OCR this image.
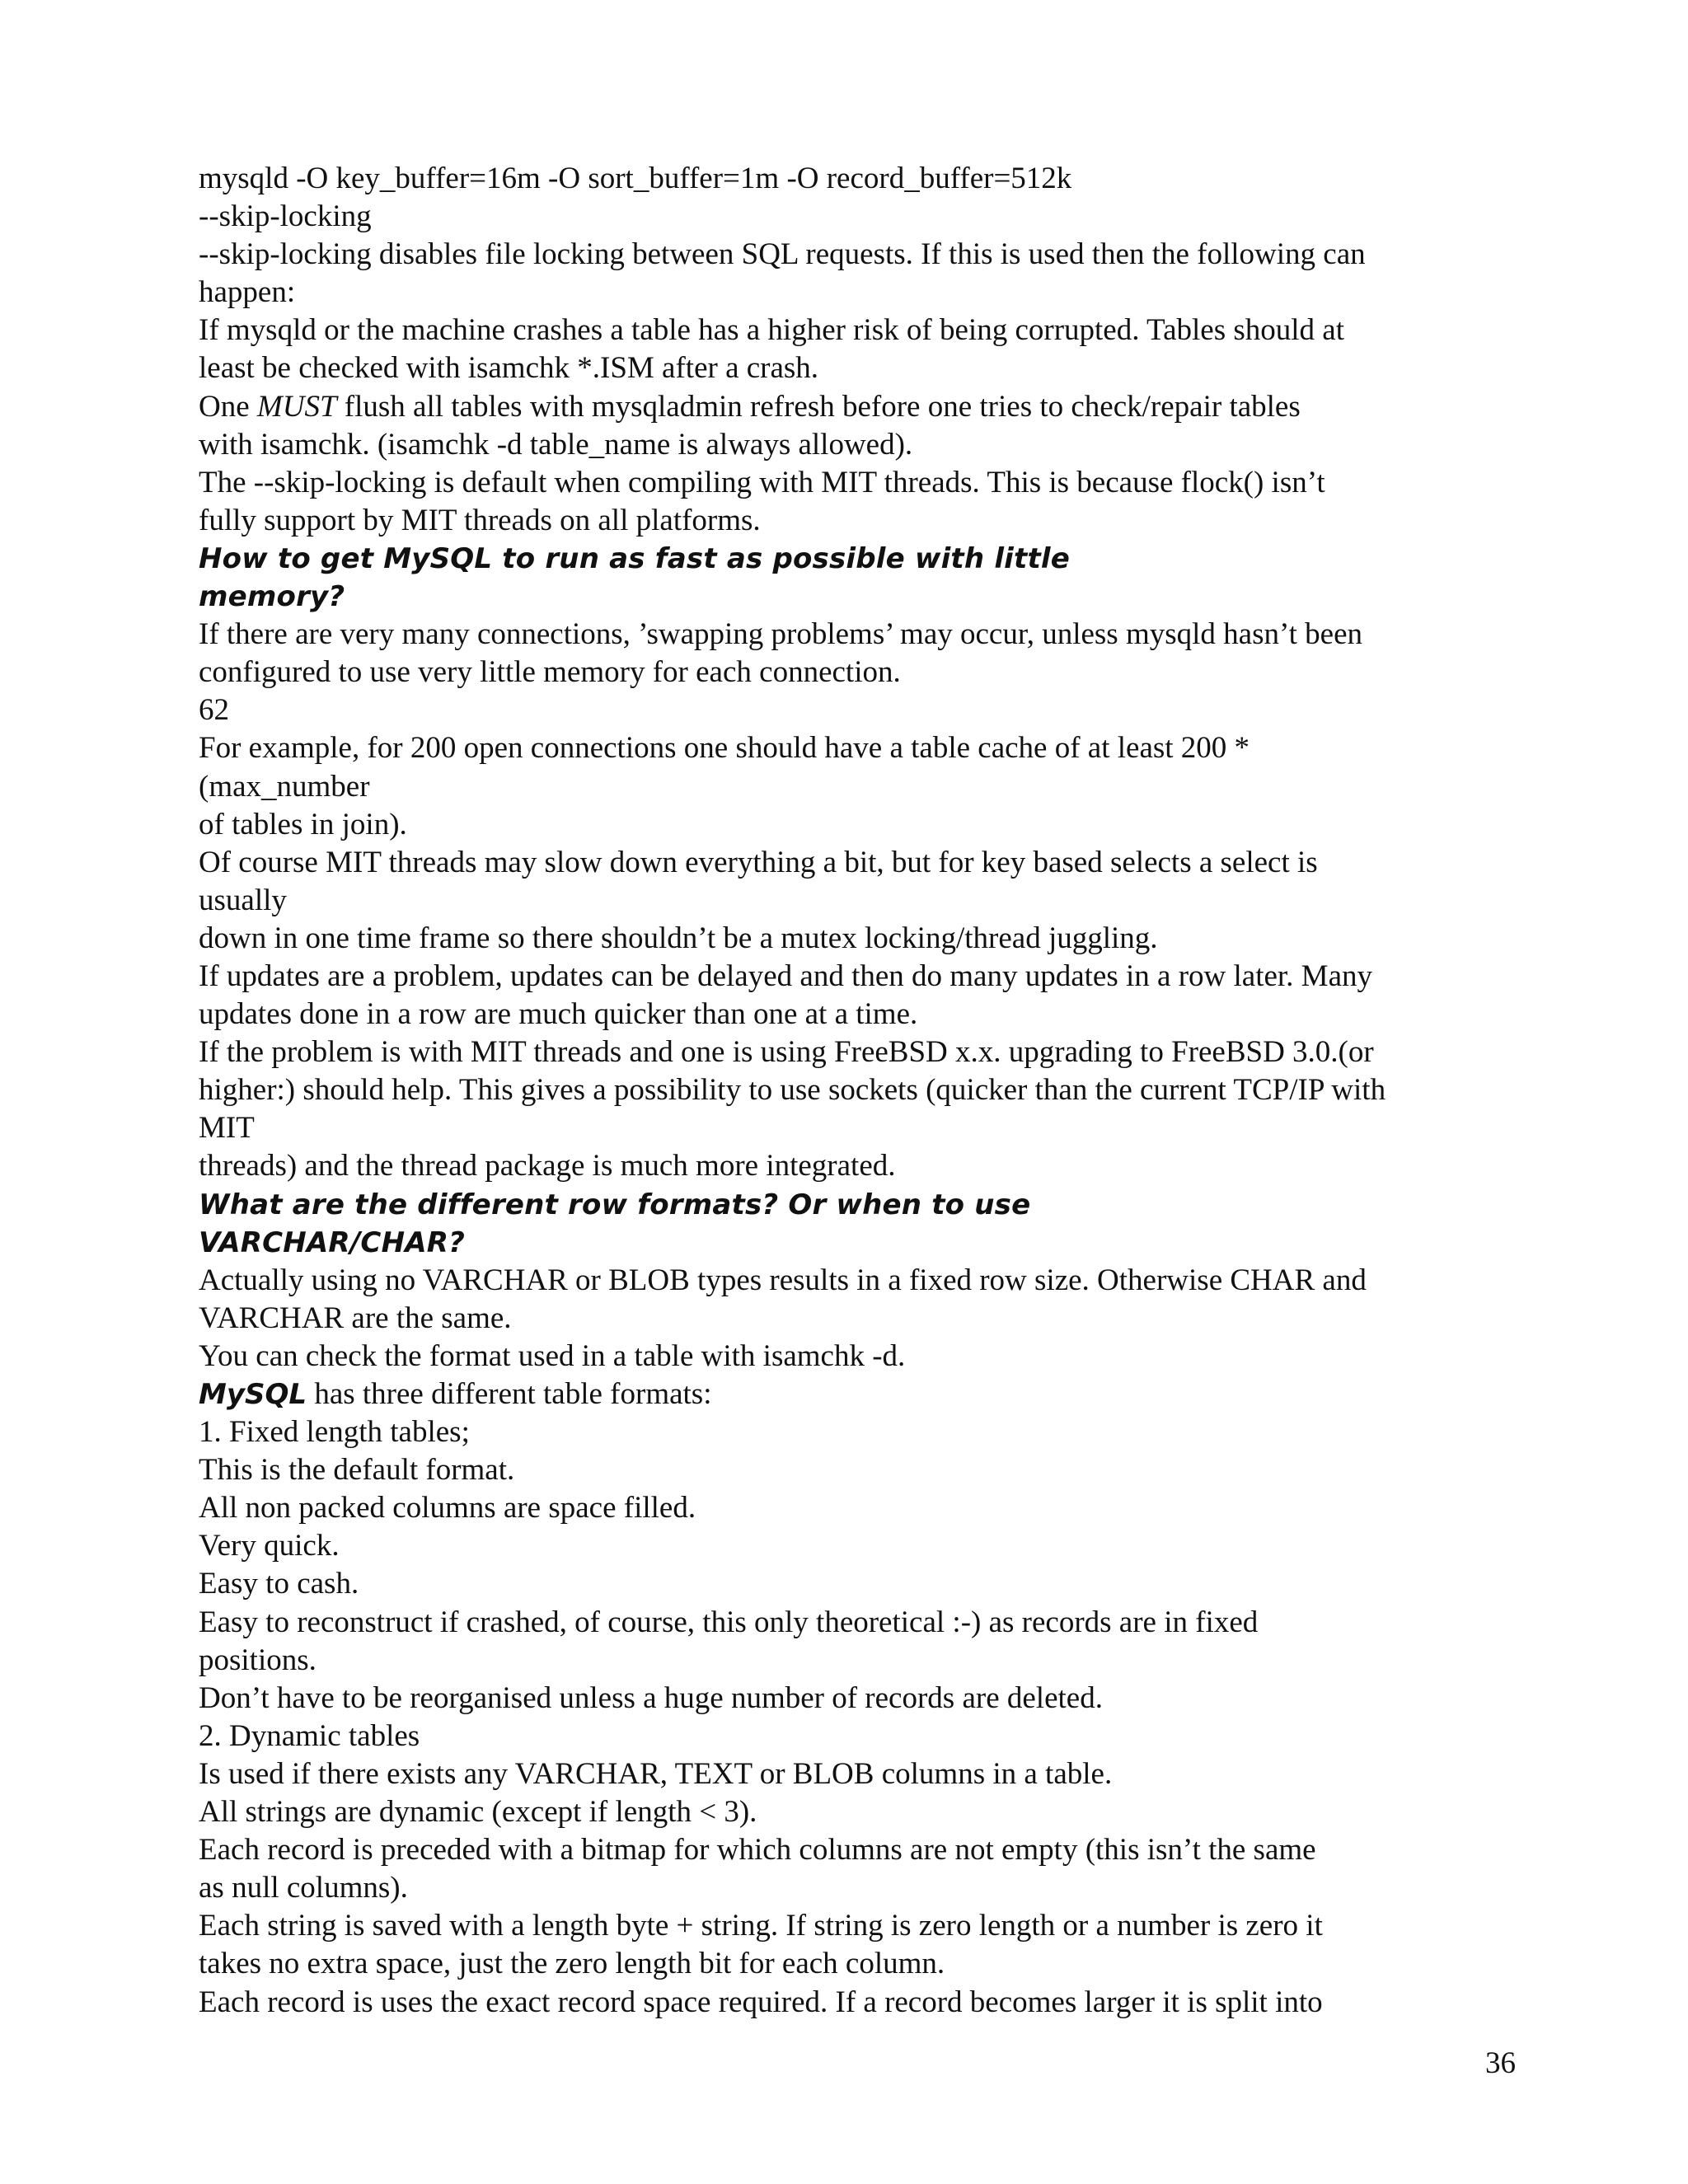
mysqld -O key_buffer=16m -O sort_buffer=1m -O record_buffer=512k
--skip-locking
--skip-locking disables file locking between SQL requests. If this is used then the following can
happen:
If mysqld or the machine crashes a table has a higher risk of being corrupted. Tables should at
least be checked with isamchk *.ISM after a crash.
One MUST flush all tables with mysqladmin refresh before one tries to check/repair tables
with isamchk. (isamchk -d table_name is always allowed).
The --skip-locking is default when compiling with MIT threads. This is because flock() isn’t
fully support by MIT threads on all platforms.
How to get MySQL to run as fast as possible with little
memory?
If there are very many connections, ’swapping problems’ may occur, unless mysqld hasn’t been
configured to use very little memory for each connection.
62
For example, for 200 open connections one should have a table cache of at least 200 *
(max_number
of tables in join).
Of course MIT threads may slow down everything a bit, but for key based selects a select is
usually
down in one time frame so there shouldn’t be a mutex locking/thread juggling.
If updates are a problem, updates can be delayed and then do many updates in a row later. Many
updates done in a row are much quicker than one at a time.
If the problem is with MIT threads and one is using FreeBSD x.x. upgrading to FreeBSD 3.0.(or
higher:) should help. This gives a possibility to use sockets (quicker than the current TCP/IP with
MIT
threads) and the thread package is much more integrated.
What are the different row formats? Or when to use
VARCHAR/CHAR?
Actually using no VARCHAR or BLOB types results in a fixed row size. Otherwise CHAR and
VARCHAR are the same.
You can check the format used in a table with isamchk -d.
MySQL has three different table formats:
1. Fixed length tables;
This is the default format.
All non packed columns are space filled.
Very quick.
Easy to cash.
Easy to reconstruct if crashed, of course, this only theoretical :-) as records are in fixed
positions.
Don’t have to be reorganised unless a huge number of records are deleted.
2. Dynamic tables
Is used if there exists any VARCHAR, TEXT or BLOB columns in a table.
All strings are dynamic (except if length < 3).
Each record is preceded with a bitmap for which columns are not empty (this isn’t the same
as null columns).
Each string is saved with a length byte + string. If string is zero length or a number is zero it
takes no extra space, just the zero length bit for each column.
Each record is uses the exact record space required. If a record becomes larger it is split into
36
